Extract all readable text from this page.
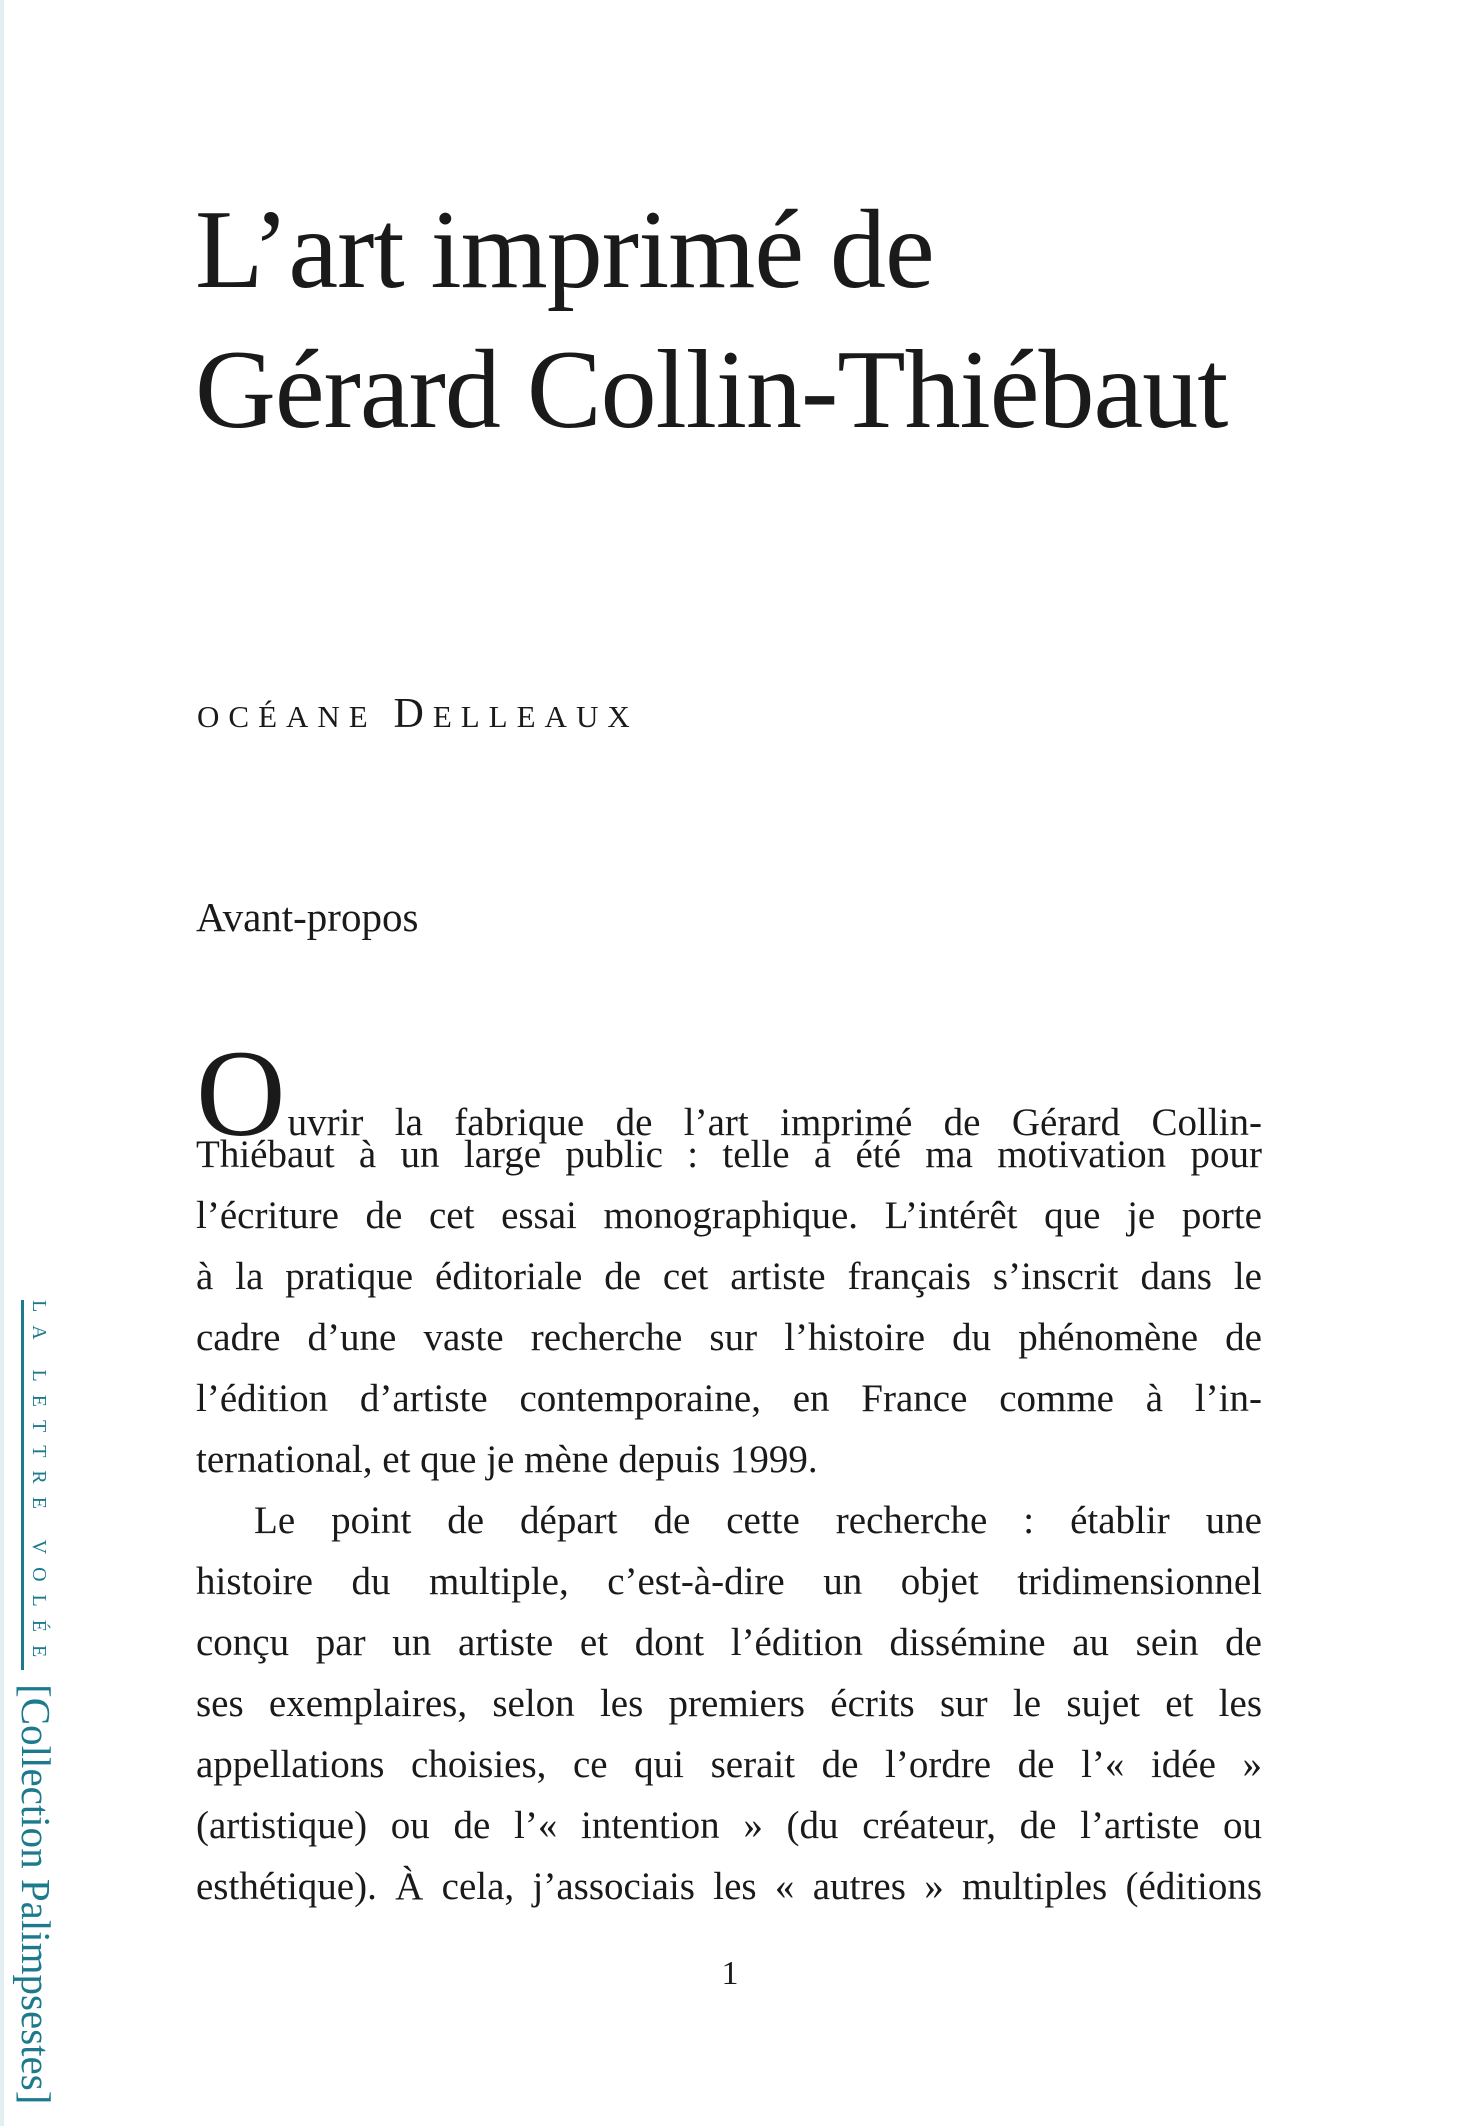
L’art imprimé de
Gérard Collin-Thiébaut
OCÉANE DELLEAUX
Avant-propos
Ouvrir la fabrique de l’art imprimé de Gérard Collin-
Thiébaut à un large public : telle a été ma motivation pour
l’écriture de cet essai monographique. L’intérêt que je porte
à la pratique éditoriale de cet artiste français s’inscrit dans le
cadre d’une vaste recherche sur l’histoire du phénomène de
l’édition d’artiste contemporaine, en France comme à l’in-
ternational, et que je mène depuis 1999.
Le point de départ de cette recherche : établir une
histoire du multiple, c’est-à-dire un objet tridimensionnel
conçu par un artiste et dont l’édition dissémine au sein de
ses exemplaires, selon les premiers écrits sur le sujet et les
appellations choisies, ce qui serait de l’ordre de l’« idée »
(artistique) ou de l’« intention » (du créateur, de l’artiste ou
esthétique). À cela, j’associais les « autres » multiples (éditions
1
LA LETTRE VOLÉE[Collection Palimpsestes]
